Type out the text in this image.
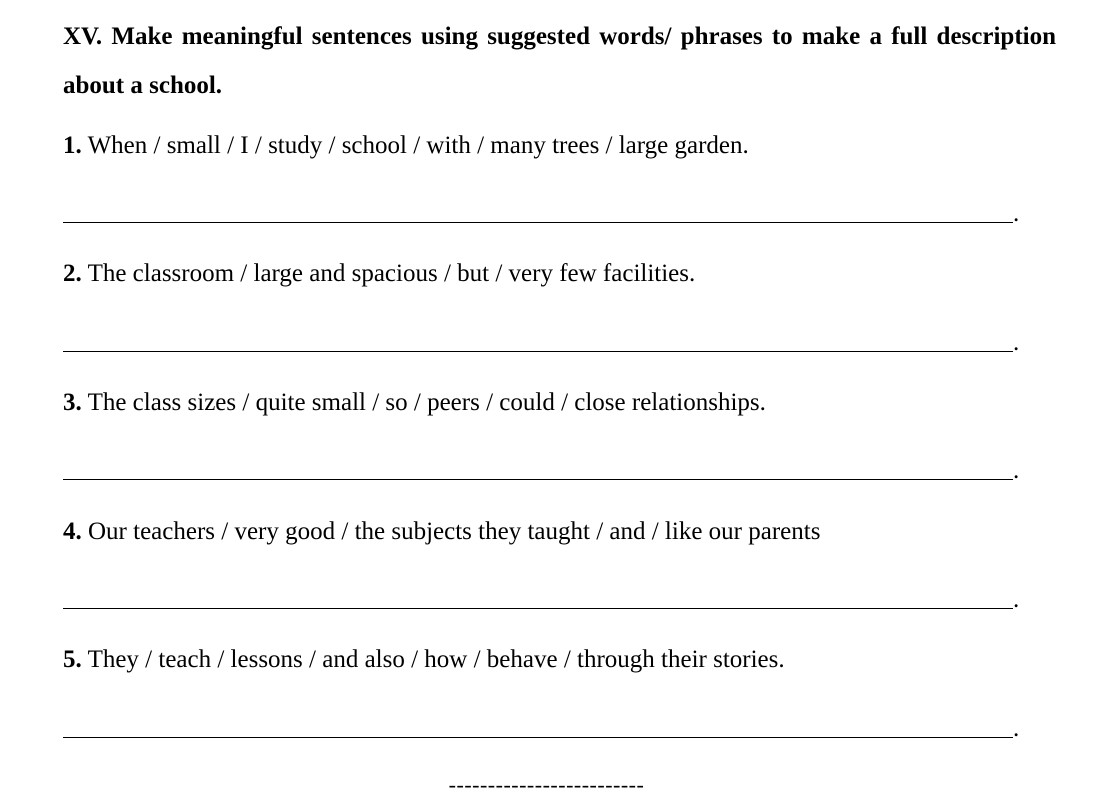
XV. Make meaningful sentences using suggested words/ phrases to make a full description about a school.
1. When / small / I / study / school / with / many trees / large garden.
.
2. The classroom / large and spacious / but / very few facilities.
.
3. The class sizes / quite small / so / peers / could / close relationships.
.
4. Our teachers / very good / the subjects they taught / and / like our parents
.
5. They / teach / lessons / and also / how / behave / through their stories.
.
-------------------------
